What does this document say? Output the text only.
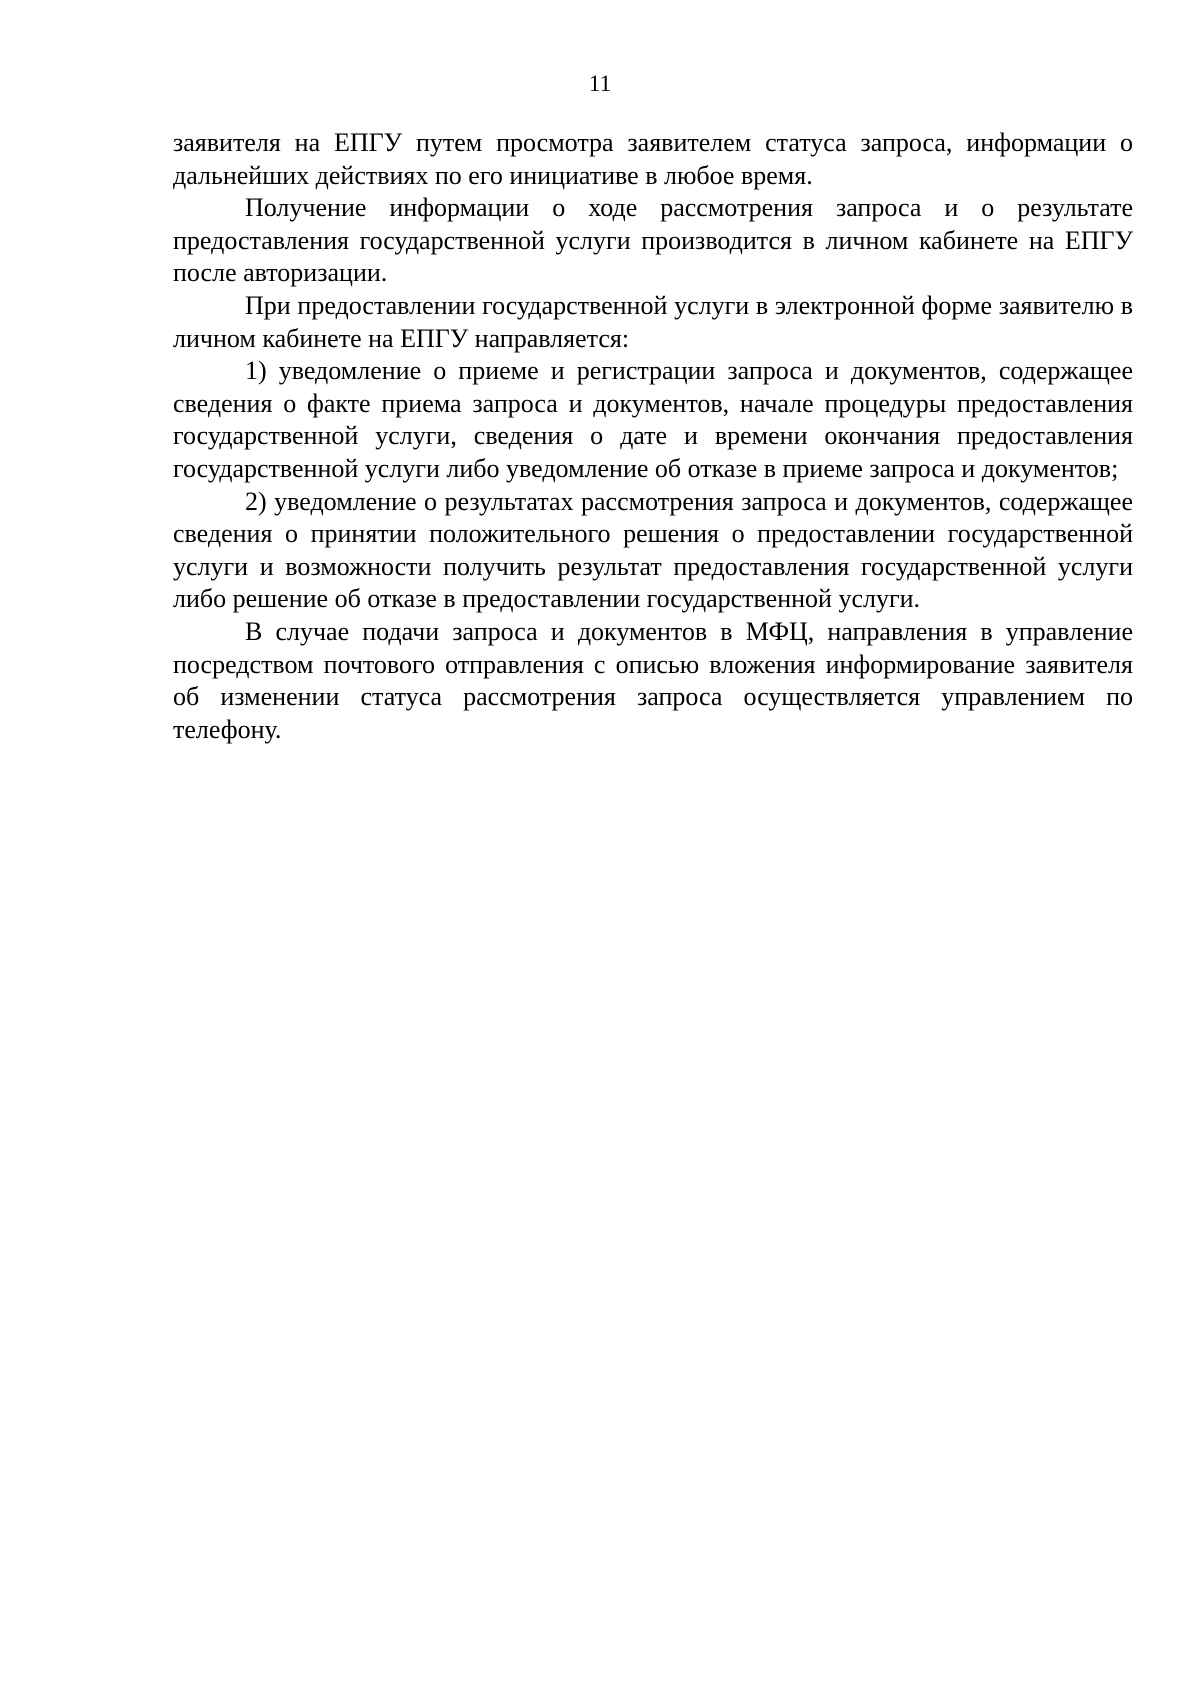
11

заявителя на ЕПГУ путем просмотра заявителем статуса запроса, информации о дальнейших действиях по его инициативе в любое время.

Получение информации о ходе рассмотрения запроса и о результате предоставления государственной услуги производится в личном кабинете на ЕПГУ после авторизации.

При предоставлении государственной услуги в электронной форме заявителю в личном кабинете на ЕПГУ направляется:

1) уведомление о приеме и регистрации запроса и документов, содержащее сведения о факте приема запроса и документов, начале процедуры предоставления государственной услуги, сведения о дате и времени окончания предоставления государственной услуги либо уведомление об отказе в приеме запроса и документов;

2) уведомление о результатах рассмотрения запроса и документов, содержащее сведения о принятии положительного решения о предоставлении государственной услуги и возможности получить результат предоставления государственной услуги либо решение об отказе в предоставлении государственной услуги.

В случае подачи запроса и документов в МФЦ, направления в управление посредством почтового отправления с описью вложения информирование заявителя об изменении статуса рассмотрения запроса осуществляется управлением по телефону.
